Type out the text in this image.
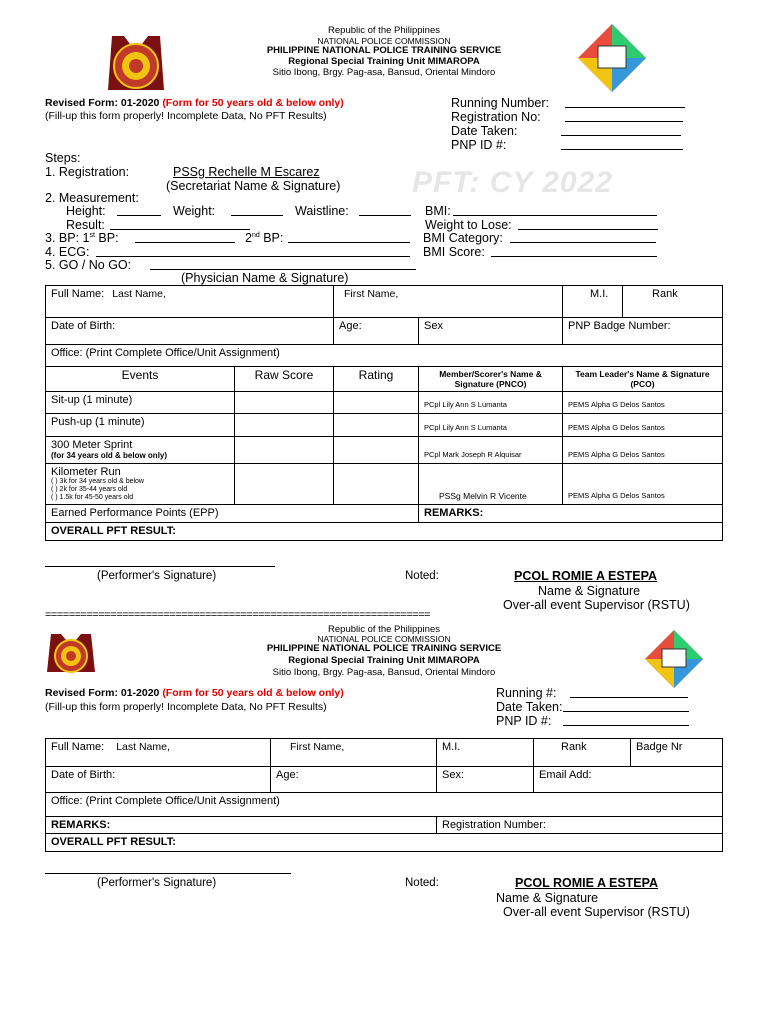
Republic of the Philippines
NATIONAL POLICE COMMISSION
PHILIPPINE NATIONAL POLICE TRAINING SERVICE
Regional Special Training Unit MIMAROPA
Sitio Ibong, Brgy. Pag-asa, Bansud, Oriental Mindoro
Revised Form: 01-2020 (Form for 50 years old & below only)
(Fill-up this form properly! Incomplete Data, No PFT Results)
Running Number:
Registration No:
Date Taken:
PNP ID #:
PFT: CY 2022
Steps:
1. Registration:	PSSg Rechelle M Escarez
(Secretariat Name & Signature)
2. Measurement:
Height:	Weight:	Waistline:	BMI:
Result:	Weight to Lose:
3. BP: 1st BP:	2nd BP:	BMI Category:
4. ECG:	BMI Score:
5. GO / No GO:
(Physician Name & Signature)
Full Name: Last Name,		First Name,		M.I.	Rank
Date of Birth:		Age:	Sex	PNP Badge Number:	
Office: (Print Complete Office/Unit Assignment)					
Events	Raw Score	Rating	Member/Scorer's Name & Signature (PNCO)	Team Leader's Name & Signature (PCO)	
Sit-up (1 minute)			PCpl Lily Ann S Lumanta	PEMS Alpha G Delos Santos	
Push-up (1 minute)			PCpl Lily Ann S Lumanta	PEMS Alpha G Delos Santos	

300 Meter Sprint
(for 34 years old & below only)			PCpl Mark Joseph R Alquisar	PEMS Alpha G Delos Santos	

Kilometer Run
( ) 3k for 34 years old & below
( ) 2k for 35-44 years old
( ) 1.5k for 45-50 years old			PSSg Melvin R Vicente	PEMS Alpha G Delos Santos	
Earned Performance Points (EPP)			REMARKS:		
OVERALL PFT RESULT:					
(Performer's Signature)	Noted:	PCOL ROMIE A ESTEPA
Name & Signature
Over-all event Supervisor (RSTU)
=================================================================
Republic of the Philippines
NATIONAL POLICE COMMISSION
PHILIPPINE NATIONAL POLICE TRAINING SERVICE
Regional Special Training Unit MIMAROPA
Sitio Ibong, Brgy. Pag-asa, Bansud, Oriental Mindoro
Revised Form: 01-2020 (Form for 50 years old & below only)
(Fill-up this form properly! Incomplete Data, No PFT Results)
Running #:
Date Taken:
PNP ID #:
Full Name: Last Name,	First Name,	M.I.	Rank	Badge Nr
Date of Birth:	Age:	Sex:	Email Add:	
Office: (Print Complete Office/Unit Assignment)				
REMARKS:		Registration Number:		
OVERALL PFT RESULT:				
(Performer's Signature)	Noted:	PCOL ROMIE A ESTEPA
Name & Signature
Over-all event Supervisor (RSTU)
